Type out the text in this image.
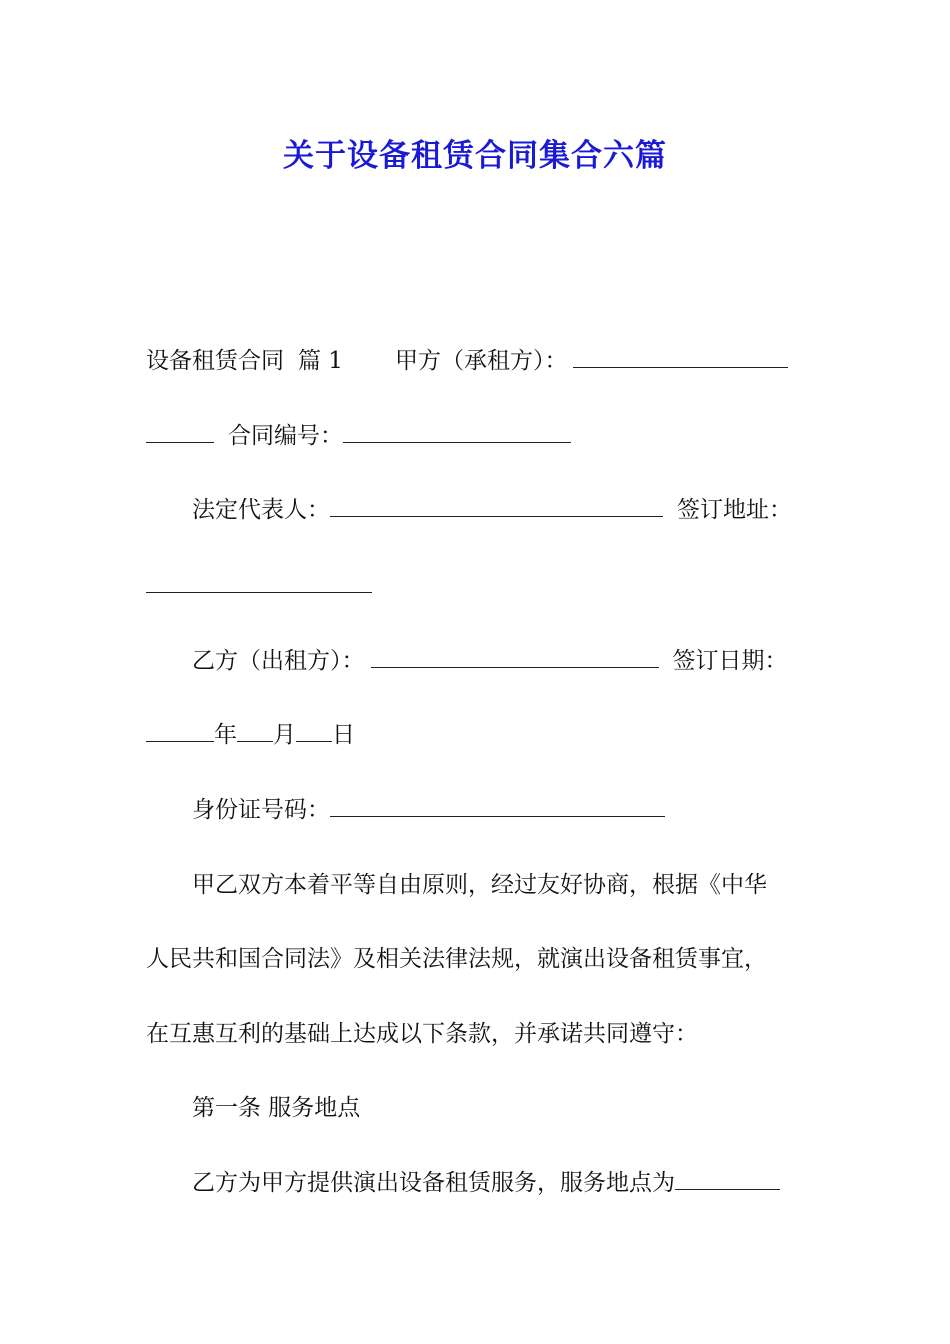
关于设备租赁合同集合六篇
设备租赁合同 篇 1 甲方（承租方）：
合同编号：
法定代表人：	签订地址：
乙方（出租方）：	签订日期：
年 月 日
身份证号码：
甲乙双方本着平等自由原则，经过友好协商，根据《中华
人民共和国合同法》及相关法律法规，就演出设备租赁事宜，
在互惠互利的基础上达成以下条款，并承诺共同遵守：
第一条 服务地点
乙方为甲方提供演出设备租赁服务，服务地点为
